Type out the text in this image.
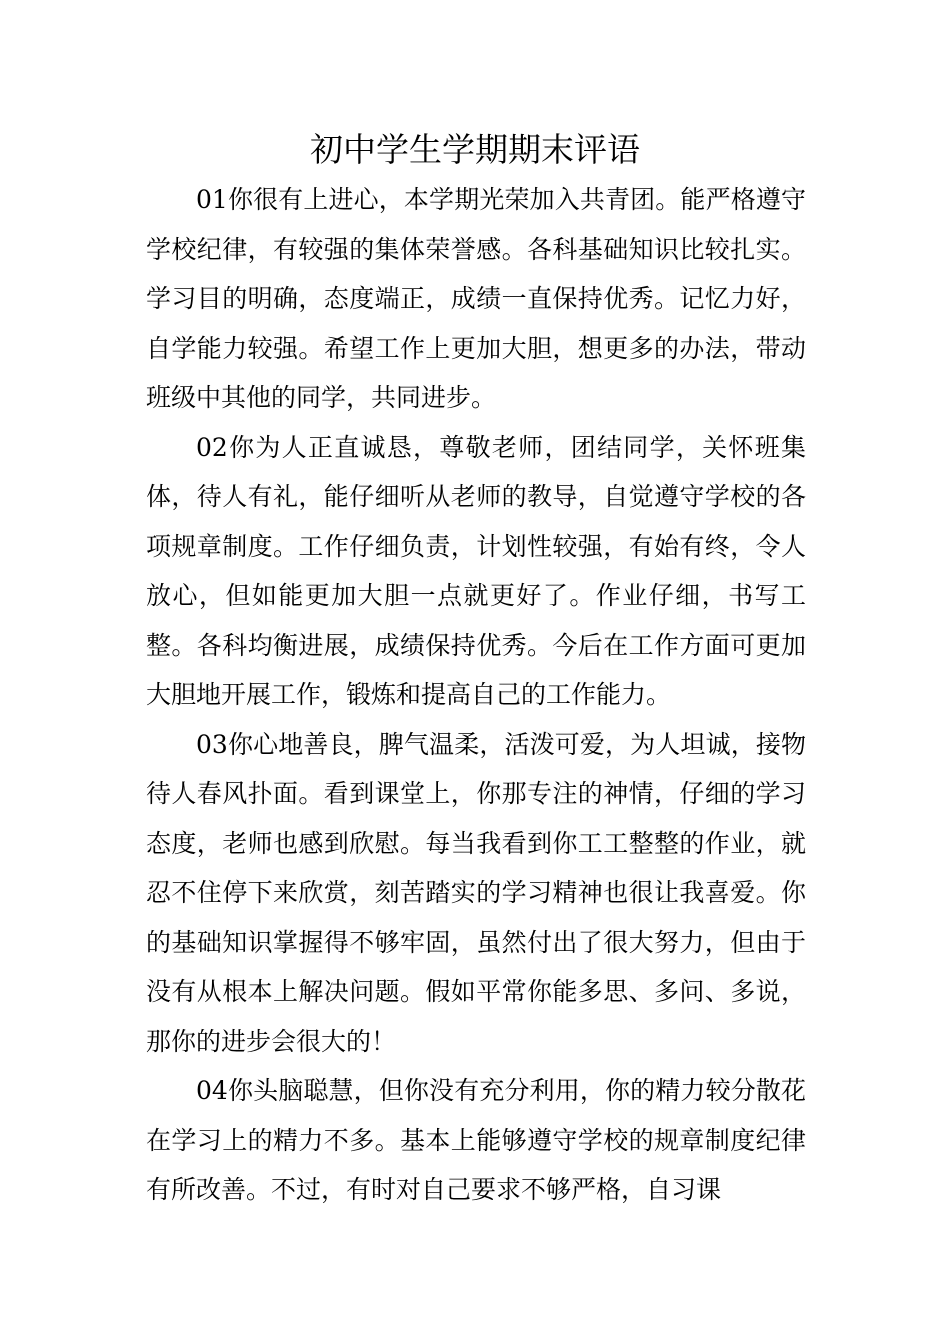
初中学生学期期末评语

01你很有上进心，本学期光荣加入共青团。能严格遵守学校纪律，有较强的集体荣誉感。各科基础知识比较扎实。学习目的明确，态度端正，成绩一直保持优秀。记忆力好，自学能力较强。希望工作上更加大胆，想更多的办法，带动班级中其他的同学，共同进步。

02你为人正直诚恳，尊敬老师，团结同学，关怀班集体，待人有礼，能仔细听从老师的教导，自觉遵守学校的各项规章制度。工作仔细负责，计划性较强，有始有终，令人放心，但如能更加大胆一点就更好了。作业仔细，书写工整。各科均衡进展，成绩保持优秀。今后在工作方面可更加大胆地开展工作，锻炼和提高自己的工作能力。

03你心地善良，脾气温柔，活泼可爱，为人坦诚，接物待人春风扑面。看到课堂上，你那专注的神情，仔细的学习态度，老师也感到欣慰。每当我看到你工工整整的作业，就忍不住停下来欣赏，刻苦踏实的学习精神也很让我喜爱。你的基础知识掌握得不够牢固，虽然付出了很大努力，但由于没有从根本上解决问题。假如平常你能多思、多问、多说，那你的进步会很大的！

04你头脑聪慧，但你没有充分利用，你的精力较分散花在学习上的精力不多。基本上能够遵守学校的规章制度纪律有所改善。不过，有时对自己要求不够严格，自习课
